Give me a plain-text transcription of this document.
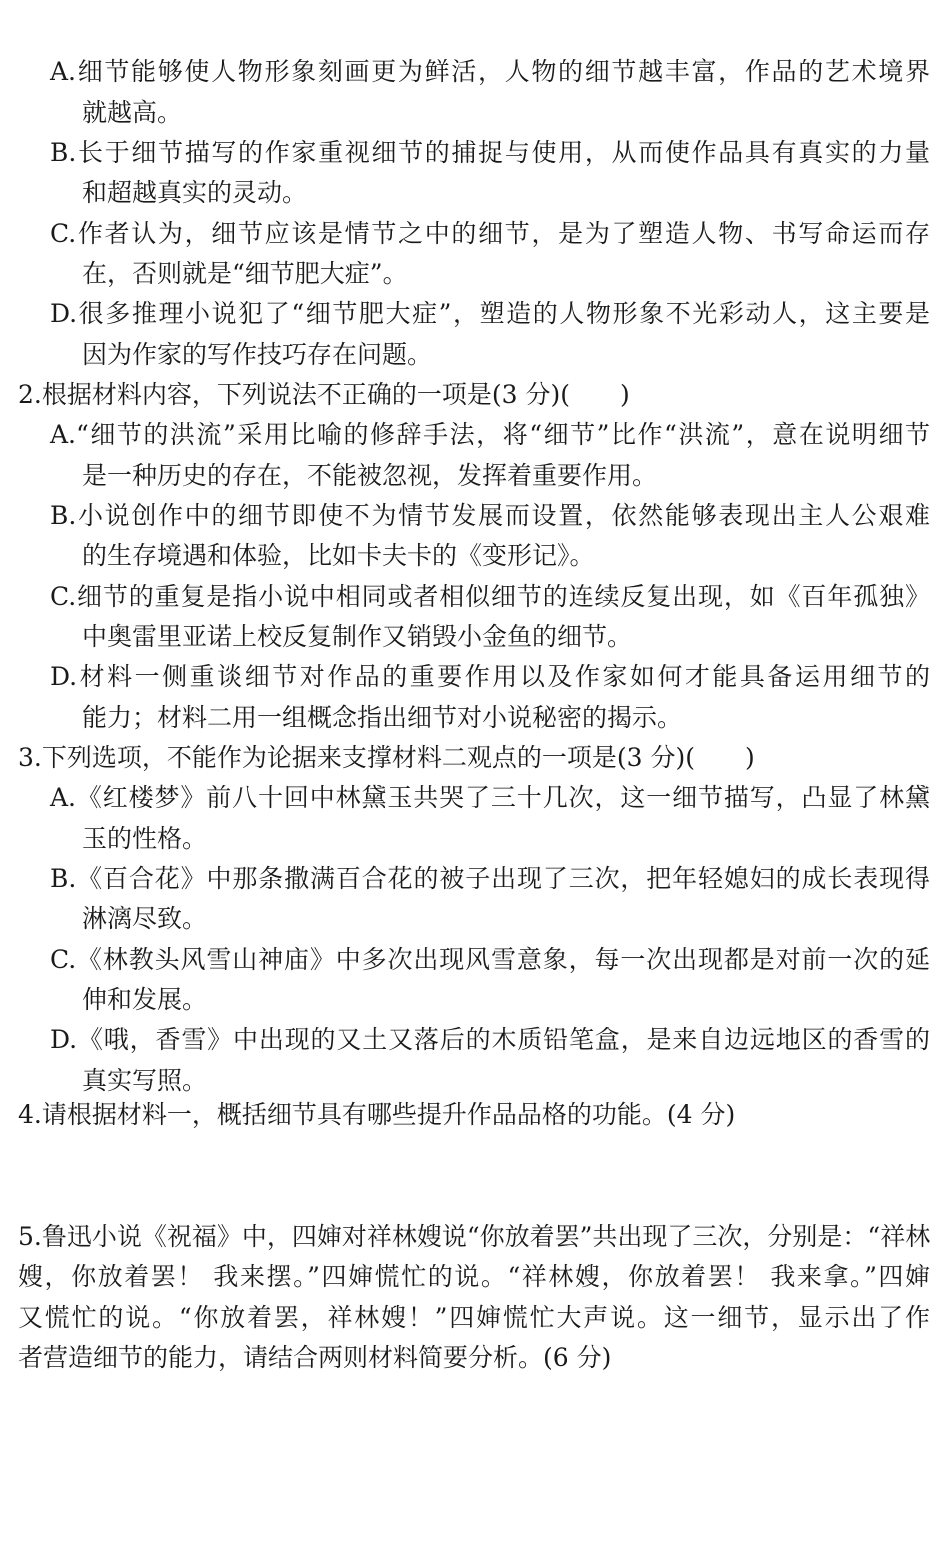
A.细节能够使人物形象刻画更为鲜活，人物的细节越丰富，作品的艺术境界
就越高。
B.长于细节描写的作家重视细节的捕捉与使用，从而使作品具有真实的力量
和超越真实的灵动。
C.作者认为，细节应该是情节之中的细节，是为了塑造人物、书写命运而存
在，否则就是“细节肥大症”。
D.很多推理小说犯了“细节肥大症”，塑造的人物形象不光彩动人，这主要是
因为作家的写作技巧存在问题。
2.根据材料内容，下列说法不正确的一项是(3 分)(　　)
A.“细节的洪流”采用比喻的修辞手法，将“细节”比作“洪流”，意在说明细节
是一种历史的存在，不能被忽视，发挥着重要作用。
B.小说创作中的细节即使不为情节发展而设置，依然能够表现出主人公艰难
的生存境遇和体验，比如卡夫卡的《变形记》。
C.细节的重复是指小说中相同或者相似细节的连续反复出现，如《百年孤独》
中奥雷里亚诺上校反复制作又销毁小金鱼的细节。
D.材料一侧重谈细节对作品的重要作用以及作家如何才能具备运用细节的
能力；材料二用一组概念指出细节对小说秘密的揭示。
3.下列选项，不能作为论据来支撑材料二观点的一项是(3 分)(　　)
A.《红楼梦》前八十回中林黛玉共哭了三十几次，这一细节描写，凸显了林黛
玉的性格。
B.《百合花》中那条撒满百合花的被子出现了三次，把年轻媳妇的成长表现得
淋漓尽致。
C.《林教头风雪山神庙》中多次出现风雪意象，每一次出现都是对前一次的延
伸和发展。
D.《哦，香雪》中出现的又土又落后的木质铅笔盒，是来自边远地区的香雪的
真实写照。
4.请根据材料一，概括细节具有哪些提升作品品格的功能。(4 分)
5.鲁迅小说《祝福》中，四婶对祥林嫂说“你放着罢”共出现了三次，分别是：“祥林
嫂，你放着罢！ 我来摆。”四婶慌忙的说。“祥林嫂，你放着罢！ 我来拿。”四婶
又慌忙的说。“你放着罢，祥林嫂！”四婶慌忙大声说。这一细节，显示出了作
者营造细节的能力，请结合两则材料简要分析。(6 分)
